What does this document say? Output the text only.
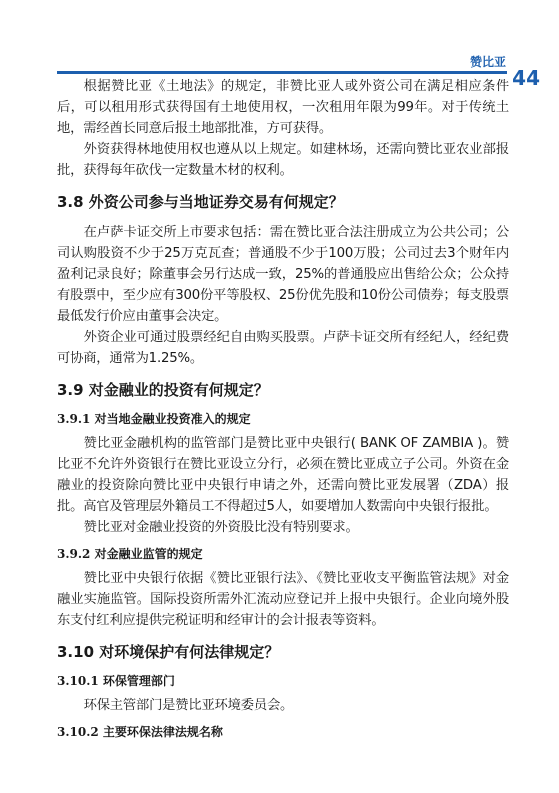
赞比亚
44

根据赞比亚《土地法》的规定，非赞比亚人或外资公司在满足相应条件后，可以租用形式获得国有土地使用权，一次租用年限为99年。对于传统土地，需经酋长同意后报土地部批准，方可获得。

外资获得林地使用权也遵从以上规定。如建林场，还需向赞比亚农业部报批，获得每年砍伐一定数量木材的权利。

3.8 外资公司参与当地证券交易有何规定？

在卢萨卡证交所上市要求包括：需在赞比亚合法注册成立为公共公司；公司认购股资不少于25万克瓦查；普通股不少于100万股；公司过去3个财年内盈利记录良好；除董事会另行达成一致，25%的普通股应出售给公众；公众持有股票中，至少应有300份平等股权、25份优先股和10份公司债券；每支股票最低发行价应由董事会决定。

外资企业可通过股票经纪自由购买股票。卢萨卡证交所有经纪人，经纪费可协商，通常为1.25%。

3.9 对金融业的投资有何规定？
3.9.1 对当地金融业投资准入的规定

赞比亚金融机构的监管部门是赞比亚中央银行( BANK OF ZAMBIA )。赞比亚不允许外资银行在赞比亚设立分行，必须在赞比亚成立子公司。外资在金融业的投资除向赞比亚中央银行申请之外，还需向赞比亚发展署（ZDA）报批。高官及管理层外籍员工不得超过5人，如要增加人数需向中央银行报批。

赞比亚对金融业投资的外资股比没有特别要求。

3.9.2 对金融业监管的规定

赞比亚中央银行依据《赞比亚银行法》、《赞比亚收支平衡监管法规》对金融业实施监管。国际投资所需外汇流动应登记并上报中央银行。企业向境外股东支付红利应提供完税证明和经审计的会计报表等资料。

3.10 对环境保护有何法律规定？
3.10.1 环保管理部门

环保主管部门是赞比亚环境委员会。

3.10.2 主要环保法律法规名称
